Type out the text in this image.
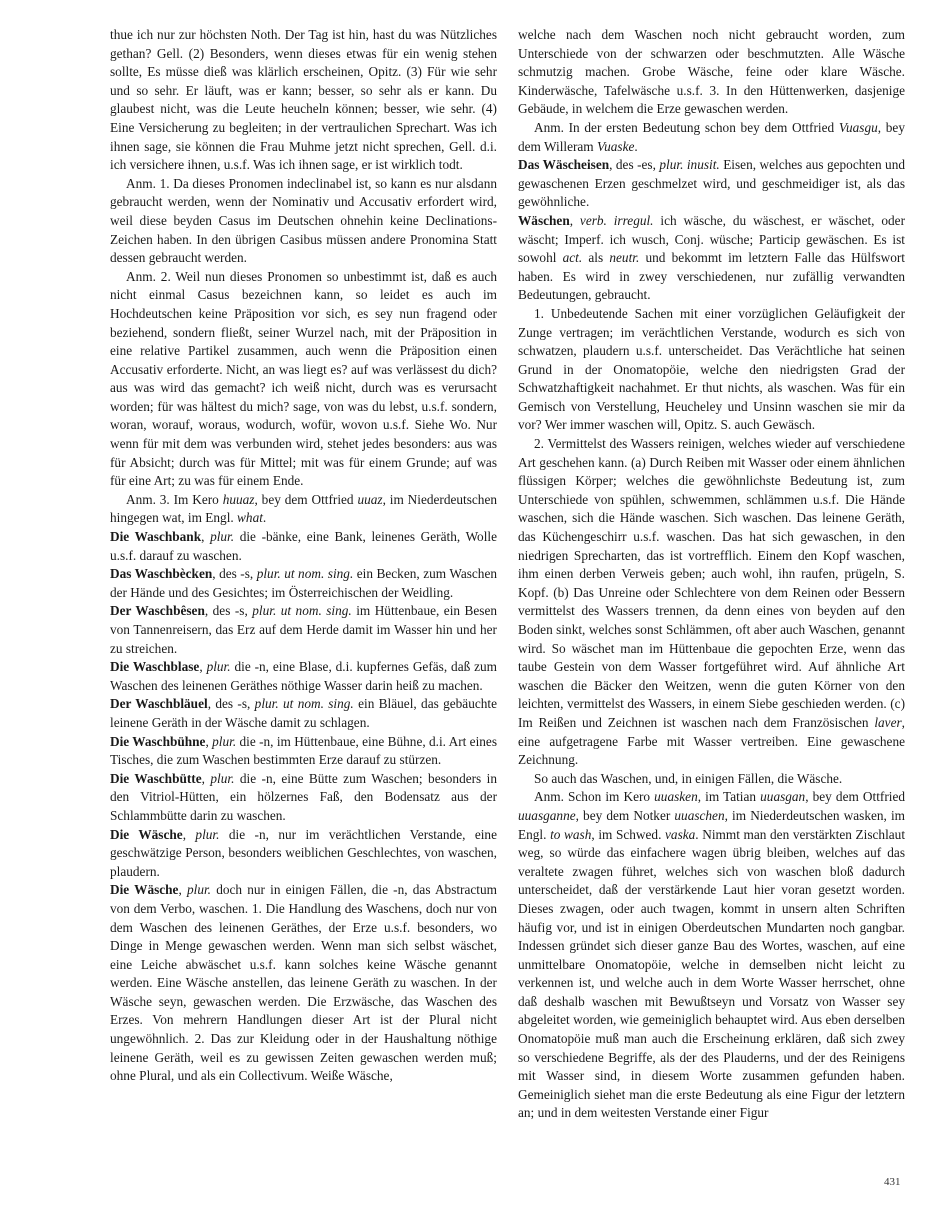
thue ich nur zur höchsten Noth. Der Tag ist hin, hast du was Nützliches gethan? Gell. (2) Besonders, wenn dieses etwas für ein wenig stehen sollte, Es müsse dieß was klärlich erscheinen, Opitz. (3) Für wie sehr und so sehr. Er läuft, was er kann; besser, so sehr als er kann. Du glaubest nicht, was die Leute heucheln können; besser, wie sehr. (4) Eine Versicherung zu begleiten; in der vertraulichen Sprechart. Was ich ihnen sage, sie können die Frau Muhme jetzt nicht sprechen, Gell. d.i. ich versichere ihnen, u.s.f. Was ich ihnen sage, er ist wirklich todt.

Anm. 1. Da dieses Pronomen indeclinabel ist, so kann es nur alsdann gebraucht werden, wenn der Nominativ und Accusativ erfordert wird, weil diese beyden Casus im Deutschen ohnehin keine Declinations-Zeichen haben. In den übrigen Casibus müssen andere Pronomina Statt dessen gebraucht werden.

Anm. 2. Weil nun dieses Pronomen so unbestimmt ist, daß es auch nicht einmal Casus bezeichnen kann, so leidet es auch im Hochdeutschen keine Präposition vor sich, es sey nun fragend oder beziehend, sondern fließt, seiner Wurzel nach, mit der Präposition in eine relative Partikel zusammen, auch wenn die Präposition einen Accusativ erforderte. Nicht, an was liegt es? auf was verlässest du dich? aus was wird das gemacht? ich weiß nicht, durch was es verursacht worden; für was hältest du mich? sage, von was du lebst, u.s.f. sondern, woran, worauf, woraus, wodurch, wofür, wovon u.s.f. Siehe Wo. Nur wenn für mit dem was verbunden wird, stehet jedes besonders: aus was für Absicht; durch was für Mittel; mit was für einem Grunde; auf was für eine Art; zu was für einem Ende.

Anm. 3. Im Kero huuaz, bey dem Ottfried uuaz, im Niederdeutschen hingegen wat, im Engl. what.

Die Waschbank, plur. die -bänke, eine Bank, leinenes Geräth, Wolle u.s.f. darauf zu waschen.

Das Waschbècken, des -s, plur. ut nom. sing. ein Becken, zum Waschen der Hände und des Gesichtes; im Österreichischen der Weidling.

Der Waschbêsen, des -s, plur. ut nom. sing. im Hüttenbaue, ein Besen von Tannenreisern, das Erz auf dem Herde damit im Wasser hin und her zu streichen.

Die Waschblase, plur. die -n, eine Blase, d.i. kupfernes Gefäs, daß zum Waschen des leinenen Geräthes nöthige Wasser darin heiß zu machen.

Der Waschbläuel, des -s, plur. ut nom. sing. ein Bläuel, das gebäuchte leinene Geräth in der Wäsche damit zu schlagen.

Die Waschbühne, plur. die -n, im Hüttenbaue, eine Bühne, d.i. Art eines Tisches, die zum Waschen bestimmten Erze darauf zu stürzen.

Die Waschbütte, plur. die -n, eine Bütte zum Waschen; besonders in den Vitriol-Hütten, ein hölzernes Faß, den Bodensatz aus der Schlammbütte darin zu waschen.

Die Wäsche, plur. die -n, nur im verächtlichen Verstande, eine geschwätzige Person, besonders weiblichen Geschlechtes, von waschen, plaudern.

Die Wäsche, plur. doch nur in einigen Fällen, die -n, das Abstractum von dem Verbo, waschen. 1. Die Handlung des Waschens, doch nur von dem Waschen des leinenen Geräthes, der Erze u.s.f. besonders, wo Dinge in Menge gewaschen werden. Wenn man sich selbst wäschet, eine Leiche abwäschet u.s.f. kann solches keine Wäsche genannt werden. Eine Wäsche anstellen, das leinene Geräth zu waschen. In der Wäsche seyn, gewaschen werden. Die Erzwäsche, das Waschen des Erzes. Von mehrern Handlungen dieser Art ist der Plural nicht ungewöhnlich. 2. Das zur Kleidung oder in der Haushaltung nöthige leinene Geräth, weil es zu gewissen Zeiten gewaschen werden muß; ohne Plural, und als ein Collectivum. Weiße Wäsche,

welche nach dem Waschen noch nicht gebraucht worden, zum Unterschiede von der schwarzen oder beschmutzten. Alle Wäsche schmutzig machen. Grobe Wäsche, feine oder klare Wäsche. Kinderwäsche, Tafelwäsche u.s.f. 3. In den Hüttenwerken, dasjenige Gebäude, in welchem die Erze gewaschen werden.

Anm. In der ersten Bedeutung schon bey dem Ottfried Vuasgu, bey dem Willeram Vuaske.

Das Wäscheisen, des -es, plur. inusit. Eisen, welches aus gepochten und gewaschenen Erzen geschmelzet wird, und geschmeidiger ist, als das gewöhnliche.

Wäschen, verb. irregul. ich wäsche, du wäschest, er wäschet, oder wäscht; Imperf. ich wusch, Conj. wüsche; Particip gewäschen. Es ist sowohl act. als neutr. und bekommt im letztern Falle das Hülfswort haben. Es wird in zwey verschiedenen, nur zufällig verwandten Bedeutungen, gebraucht.

1. Unbedeutende Sachen mit einer vorzüglichen Geläufigkeit der Zunge vertragen; im verächtlichen Verstande, wodurch es sich von schwatzen, plaudern u.s.f. unterscheidet. Das Verächtliche hat seinen Grund in der Onomatopöie, welche den niedrigsten Grad der Schwatzhaftigkeit nachahmet. Er thut nichts, als waschen. Was für ein Gemisch von Verstellung, Heucheley und Unsinn waschen sie mir da vor? Wer immer waschen will, Opitz. S. auch Gewäsch.

2. Vermittelst des Wassers reinigen, welches wieder auf verschiedene Art geschehen kann. (a) Durch Reiben mit Wasser oder einem ähnlichen flüssigen Körper; welches die gewöhnlichste Bedeutung ist, zum Unterschiede von spühlen, schwemmen, schlämmen u.s.f. Die Hände waschen, sich die Hände waschen. Sich waschen. Das leinene Geräth, das Küchengeschirr u.s.f. waschen. Das hat sich gewaschen, in den niedrigen Sprecharten, das ist vortrefflich. Einem den Kopf waschen, ihm einen derben Verweis geben; auch wohl, ihn raufen, prügeln, S. Kopf. (b) Das Unreine oder Schlechtere von dem Reinen oder Bessern vermittelst des Wassers trennen, da denn eines von beyden auf den Boden sinkt, welches sonst Schlämmen, oft aber auch Waschen, genannt wird. So wäschet man im Hüttenbaue die gepochten Erze, wenn das taube Gestein von dem Wasser fortgeführet wird. Auf ähnliche Art waschen die Bäcker den Weitzen, wenn die guten Körner von den leichten, vermittelst des Wassers, in einem Siebe geschieden werden. (c) Im Reißen und Zeichnen ist waschen nach dem Französischen laver, eine aufgetragene Farbe mit Wasser vertreiben. Eine gewaschene Zeichnung.

So auch das Waschen, und, in einigen Fällen, die Wäsche.

Anm. Schon im Kero uuasken, im Tatian uuasgan, bey dem Ottfried uuasganne, bey dem Notker uuaschen, im Niederdeutschen wasken, im Engl. to wash, im Schwed. vaska. Nimmt man den verstärkten Zischlaut weg, so würde das einfachere wagen übrig bleiben, welches auf das veraltete zwagen führet, welches sich von waschen bloß dadurch unterscheidet, daß der verstärkende Laut hier voran gesetzt worden. Dieses zwagen, oder auch twagen, kommt in unsern alten Schriften häufig vor, und ist in einigen Oberdeutschen Mundarten noch gangbar. Indessen gründet sich dieser ganze Bau des Wortes, waschen, auf eine unmittelbare Onomatopöie, welche in demselben nicht leicht zu verkennen ist, und welche auch in dem Worte Wasser herrschet, ohne daß deshalb waschen mit Bewußtseyn und Vorsatz von Wasser sey abgeleitet worden, wie gemeiniglich behauptet wird. Aus eben derselben Onomatopöie muß man auch die Erscheinung erklären, daß sich zwey so verschiedene Begriffe, als der des Plauderns, und der des Reinigens mit Wasser sind, in diesem Worte zusammen gefunden haben. Gemeiniglich siehet man die erste Bedeutung als eine Figur der letztern an; und in dem weitesten Verstande einer Figur

431
